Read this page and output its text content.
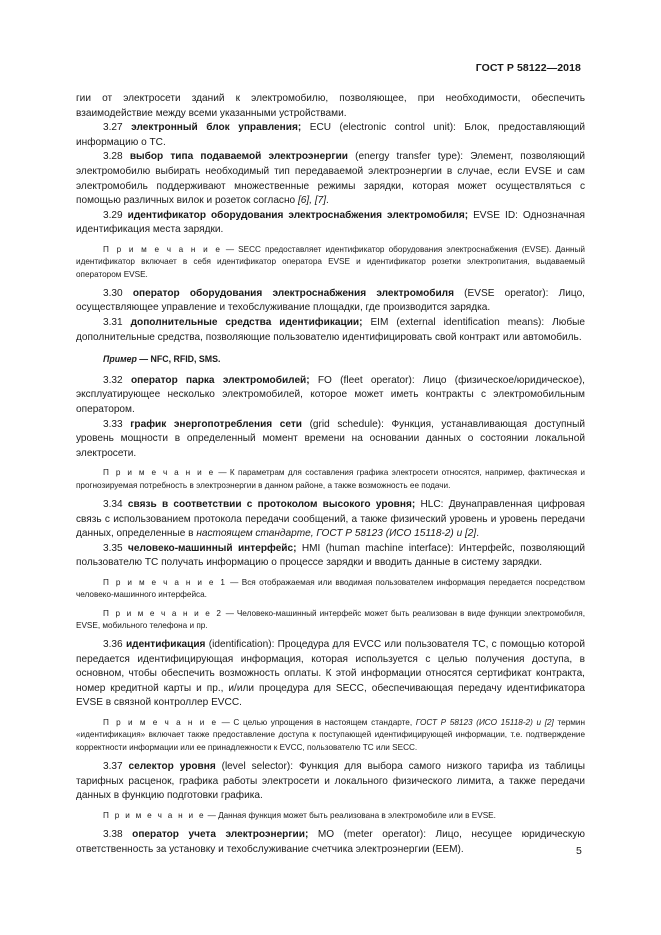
ГОСТ Р 58122—2018

гии от электросети зданий к электромобилю, позволяющее, при необходимости, обеспечить взаимодействие между всеми указанными устройствами.

3.27 электронный блок управления; ECU (electronic control unit): Блок, предоставляющий информацию о ТС.

3.28 выбор типа подаваемой электроэнергии (energy transfer type): Элемент, позволяющий электромобилю выбирать необходимый тип передаваемой электроэнергии в случае, если EVSE и сам электромобиль поддерживают множественные режимы зарядки, которая может осуществляться с помощью различных вилок и розеток согласно [6], [7].

3.29 идентификатор оборудования электроснабжения электромобиля; EVSE ID: Однозначная идентификация места зарядки.

П р и м е ч а н и е — SECC предоставляет идентификатор оборудования электроснабжения (EVSE). Данный идентификатор включает в себя идентификатор оператора EVSE и идентификатор розетки электропитания, выдаваемый оператором EVSE.

3.30 оператор оборудования электроснабжения электромобиля (EVSE operator): Лицо, осуществляющее управление и техобслуживание площадки, где производится зарядка.

3.31 дополнительные средства идентификации; EIM (external identification means): Любые дополнительные средства, позволяющие пользователю идентифицировать свой контракт или автомобиль.

Пример — NFC, RFID, SMS.

3.32 оператор парка электромобилей; FO (fleet operator): Лицо (физическое/юридическое), эксплуатирующее несколько электромобилей, которое может иметь контракты с электромобильным оператором.

3.33 график энергопотребления сети (grid schedule): Функция, устанавливающая доступный уровень мощности в определенный момент времени на основании данных о состоянии локальной электросети.

П р и м е ч а н и е — К параметрам для составления графика электросети относятся, например, фактическая и прогнозируемая потребность в электроэнергии в данном районе, а также возможность ее подачи.

3.34 связь в соответствии с протоколом высокого уровня; HLC: Двунаправленная цифровая связь с использованием протокола передачи сообщений, а также физический уровень и уровень передачи данных, определенные в настоящем стандарте, ГОСТ Р 58123 (ИСО 15118-2) и [2].

3.35 человеко-машинный интерфейс; HMI (human machine interface): Интерфейс, позволяющий пользователю ТС получать информацию о процессе зарядки и вводить данные в систему зарядки.

П р и м е ч а н и е 1 — Вся отображаемая или вводимая пользователем информация передается посредством человеко-машинного интерфейса.

П р и м е ч а н и е 2 — Человеко-машинный интерфейс может быть реализован в виде функции электромобиля, EVSE, мобильного телефона и пр.

3.36 идентификация (identification): Процедура для EVCC или пользователя ТС, с помощью которой передается идентифицирующая информация, которая используется с целью получения доступа, в основном, чтобы обеспечить возможность оплаты. К этой информации относятся сертификат контракта, номер кредитной карты и пр., и/или процедура для SECC, обеспечивающая передачу идентификатора EVSE в связной контроллер EVCC.

П р и м е ч а н и е — С целью упрощения в настоящем стандарте, ГОСТ Р 58123 (ИСО 15118-2) и [2] термин «идентификация» включает также предоставление доступа к поступающей идентифицирующей информации, т.е. подтверждение корректности информации или ее принадлежности к EVCC, пользователю ТС или SECC.

3.37 селектор уровня (level selector): Функция для выбора самого низкого тарифа из таблицы тарифных расценок, графика работы электросети и локального физического лимита, а также передачи данных в функцию подготовки графика.

П р и м е ч а н и е — Данная функция может быть реализована в электромобиле или в EVSE.

3.38 оператор учета электроэнергии; МО (meter operator): Лицо, несущее юридическую ответственность за установку и техобслуживание счетчика электроэнергии (EEM).	5
